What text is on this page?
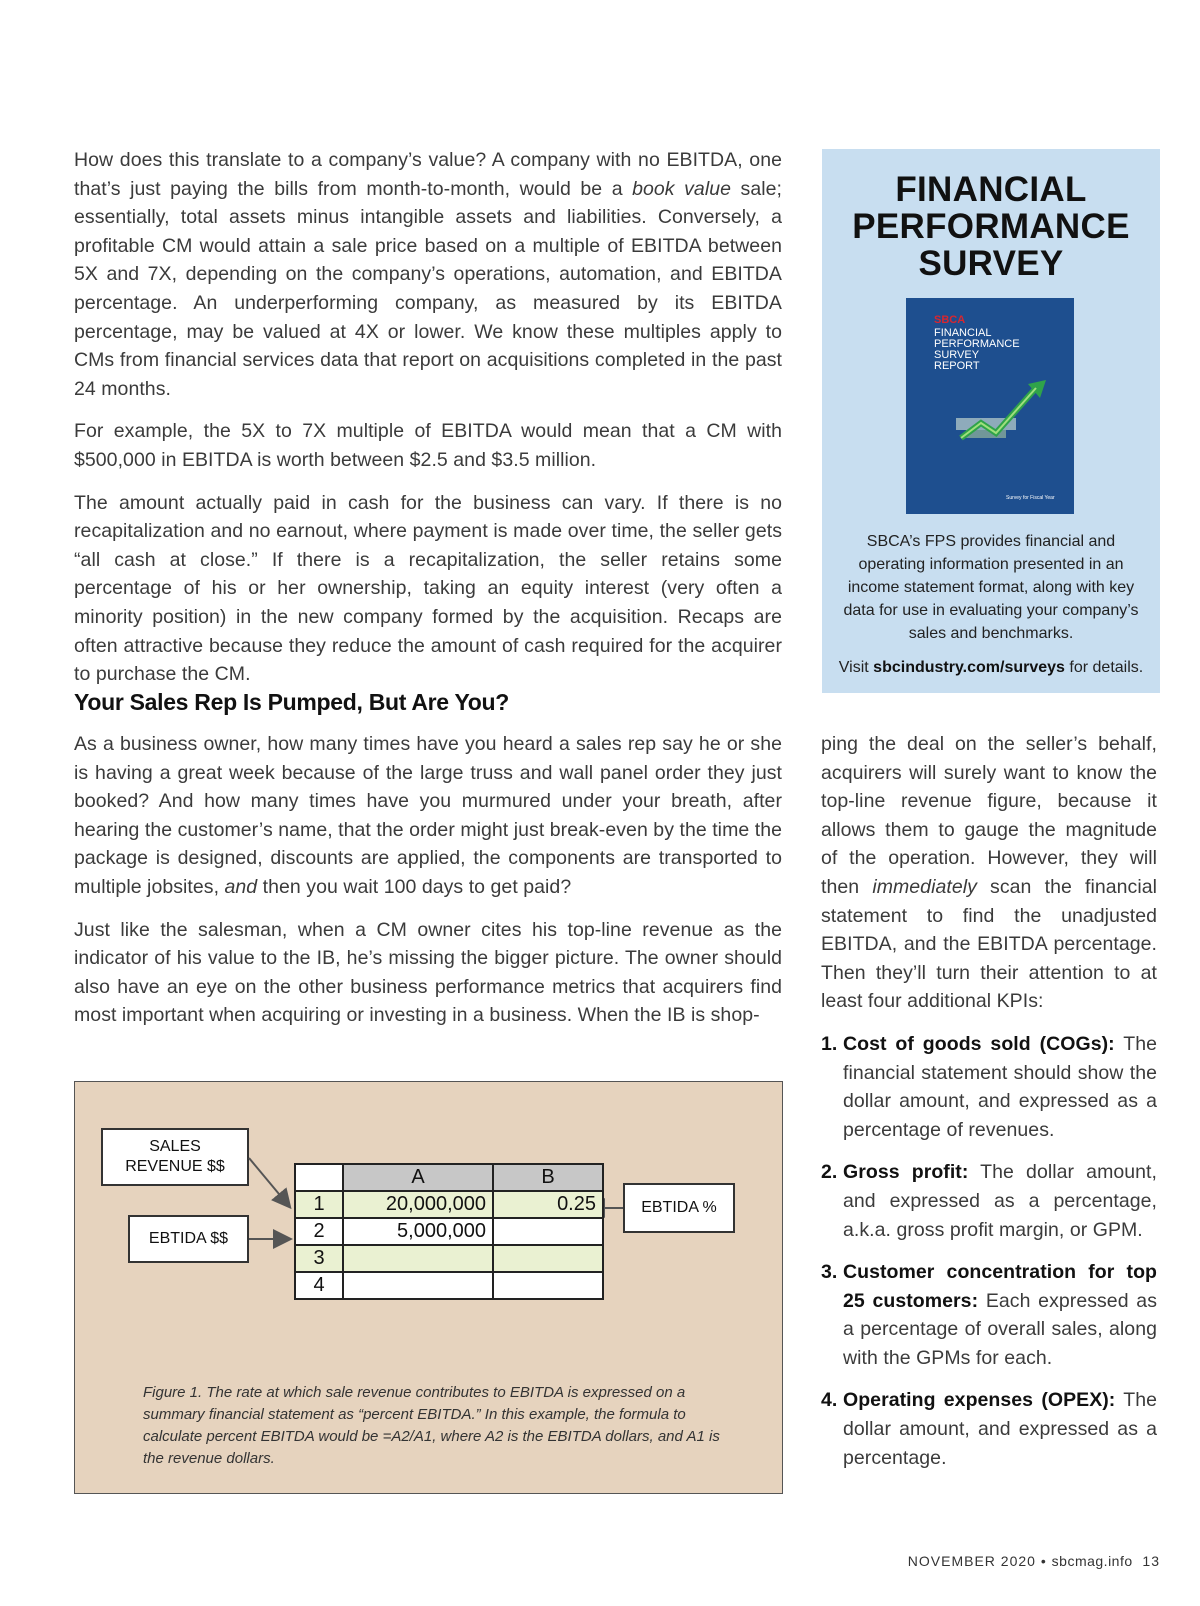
How does this translate to a company’s value? A company with no EBITDA, one that’s just paying the bills from month-to-month, would be a book value sale; essentially, total assets minus intangible assets and liabilities. Conversely, a profitable CM would attain a sale price based on a multiple of EBITDA between 5X and 7X, depending on the company’s operations, automation, and EBITDA percentage. An underperforming company, as measured by its EBITDA percentage, may be valued at 4X or lower. We know these multiples apply to CMs from financial services data that report on acquisitions completed in the past 24 months.

For example, the 5X to 7X multiple of EBITDA would mean that a CM with $500,000 in EBITDA is worth between $2.5 and $3.5 million.

The amount actually paid in cash for the business can vary. If there is no recapitalization and no earnout, where payment is made over time, the seller gets “all cash at close.” If there is a recapitalization, the seller retains some percentage of his or her ownership, taking an equity interest (very often a minority position) in the new company formed by the acquisition. Recaps are often attractive because they reduce the amount of cash required for the acquirer to purchase the CM.

FINANCIAL
PERFORMANCE
SURVEY
SBCA
FINANCIAL
PERFORMANCE
SURVEY
REPORT
Survey for Fiscal Year

SBCA’s FPS provides financial and operating information presented in an income statement format, along with key data for use in evaluating your company’s sales and benchmarks.

Visit sbcindustry.com/surveys for details.

Your Sales Rep Is Pumped, But Are You?

As a business owner, how many times have you heard a sales rep say he or she is having a great week because of the large truss and wall panel order they just booked? And how many times have you murmured under your breath, after hearing the customer’s name, that the order might just break-even by the time the package is designed, discounts are applied, the components are transported to multiple jobsites, and then you wait 100 days to get paid?

Just like the salesman, when a CM owner cites his top-line revenue as the indicator of his value to the IB, he’s missing the bigger picture. The owner should also have an eye on the other business performance metrics that acquirers find most important when acquiring or investing in a business. When the IB is shop-

ping the deal on the seller’s behalf, acquirers will surely want to know the top-line revenue figure, because it allows them to gauge the magnitude of the operation. However, they will then immediately scan the financial statement to find the unadjusted EBITDA, and the EBITDA percentage. Then they’ll turn their attention to at least four additional KPIs:

1. Cost of goods sold (COGs): The financial statement should show the dollar amount, and expressed as a percentage of revenues.
2. Gross profit: The dollar amount, and expressed as a percentage, a.k.a. gross profit margin, or GPM.
3. Customer concentration for top 25 customers: Each expressed as a percentage of overall sales, along with the GPMs for each.
4. Operating expenses (OPEX): The dollar amount, and expressed as a percentage.
SALES
REVENUE $$
EBTIDA $$
EBTIDA %
	A	B
1	20,000,000	0.25
2	5,000,000	
3		
4		

Figure 1. The rate at which sale revenue contributes to EBITDA is expressed on a summary financial statement as “percent EBITDA.” In this example, the formula to calculate percent EBITDA would be =A2/A1, where A2 is the EBITDA dollars, and A1 is the revenue dollars.

NOVEMBER 2020 • sbcmag.info 13
